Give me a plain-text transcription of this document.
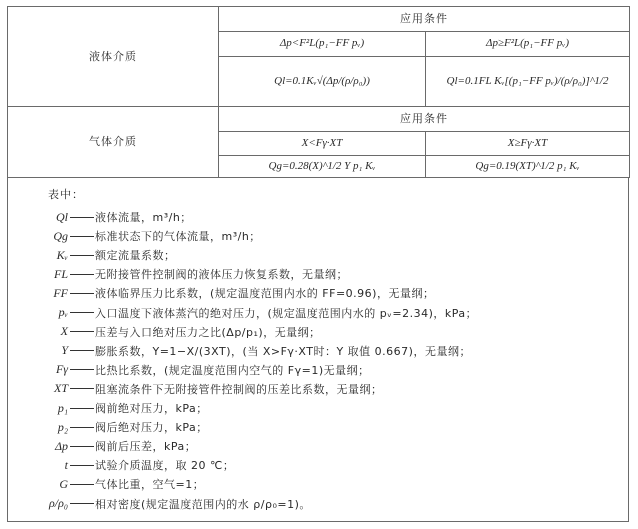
液体介质	应用条件	
	Δp<F²L(p₁−FF pᵥ)	Δp≥F²L(p₁−FF pᵥ)
	Ql=0.1Kᵥ√(Δp/(ρ/ρ₀))	Ql=0.1FL Kᵥ[(p₁−FF pᵥ)/(ρ/ρ₀)]^1/2
气体介质	应用条件	
	X<Fγ·XT	X≥Fγ·XT
	Qg=0.28(X)^1/2 Y p₁ Kᵥ	Qg=0.19(XT)^1/2 p₁ Kᵥ
表中：
Ql 液体流量，m³/h；
Qg 标准状态下的气体流量，m³/h；
Kᵥ 额定流量系数；
FL 无附接管件控制阀的液体压力恢复系数，无量纲；
FF 液体临界压力比系数，(规定温度范围内水的 FF=0.96)，无量纲；
pᵥ 入口温度下液体蒸汽的绝对压力，(规定温度范围内水的 pᵥ=2.34)，kPa；
X 压差与入口绝对压力之比(Δp/p₁)，无量纲；
Y 膨胀系数，Y=1−X/(3XT)，(当 X>Fγ·XT时：Y 取值 0.667)，无量纲；
Fγ 比热比系数，(规定温度范围内空气的 Fγ=1)无量纲；
XT 阻塞流条件下无附接管件控制阀的压差比系数，无量纲；
p₁ 阀前绝对压力，kPa；
p₂ 阀后绝对压力，kPa；
Δp 阀前后压差，kPa；
t 试验介质温度，取 20 ℃；
G 气体比重，空气=1；
ρ/ρ₀ 相对密度(规定温度范围内的水 ρ/ρ₀=1)。
